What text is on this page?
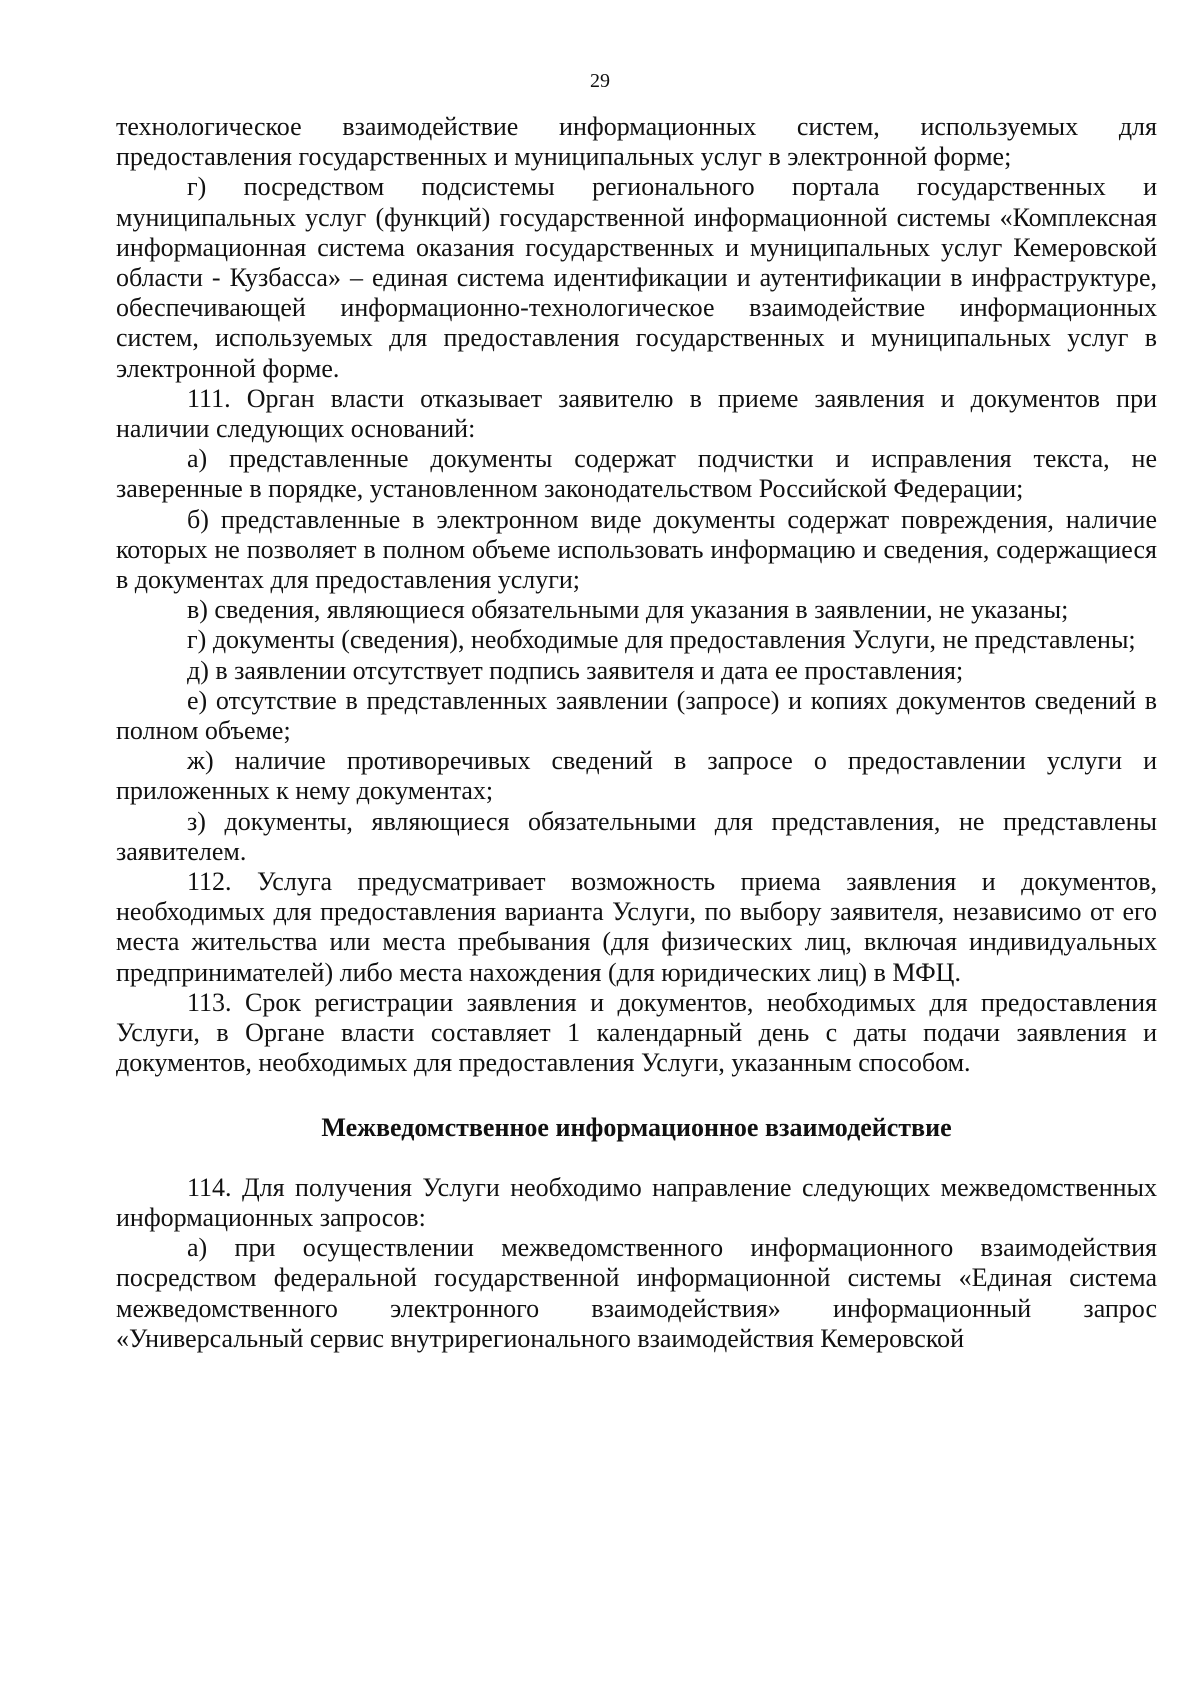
29

технологическое взаимодействие информационных систем, используемых для предоставления государственных и муниципальных услуг в электронной форме;

г) посредством подсистемы регионального портала государственных и муниципальных услуг (функций) государственной информационной системы «Комплексная информационная система оказания государственных и муниципальных услуг Кемеровской области - Кузбасса» – единая система идентификации и аутентификации в инфраструктуре, обеспечивающей информационно-технологическое взаимодействие информационных систем, используемых для предоставления государственных и муниципальных услуг в электронной форме.

111. Орган власти отказывает заявителю в приеме заявления и документов при наличии следующих оснований:

а) представленные документы содержат подчистки и исправления текста, не заверенные в порядке, установленном законодательством Российской Федерации;

б) представленные в электронном виде документы содержат повреждения, наличие которых не позволяет в полном объеме использовать информацию и сведения, содержащиеся в документах для предоставления услуги;

в) сведения, являющиеся обязательными для указания в заявлении, не указаны;

г) документы (сведения), необходимые для предоставления Услуги, не представлены;

д) в заявлении отсутствует подпись заявителя и дата ее проставления;

е) отсутствие в представленных заявлении (запросе) и копиях документов сведений в полном объеме;

ж) наличие противоречивых сведений в запросе о предоставлении услуги и приложенных к нему документах;

з) документы, являющиеся обязательными для представления, не представлены заявителем.

112. Услуга предусматривает возможность приема заявления и документов, необходимых для предоставления варианта Услуги, по выбору заявителя, независимо от его места жительства или места пребывания (для физических лиц, включая индивидуальных предпринимателей) либо места нахождения (для юридических лиц) в МФЦ.

113. Срок регистрации заявления и документов, необходимых для предоставления Услуги, в Органе власти составляет 1 календарный день с даты подачи заявления и документов, необходимых для предоставления Услуги, указанным способом.

Межведомственное информационное взаимодействие

114. Для получения Услуги необходимо направление следующих межведомственных информационных запросов:

а) при осуществлении межведомственного информационного взаимодействия посредством федеральной государственной информационной системы «Единая система межведомственного электронного взаимодействия» информационный запрос «Универсальный сервис внутрирегионального взаимодействия Кемеровской
